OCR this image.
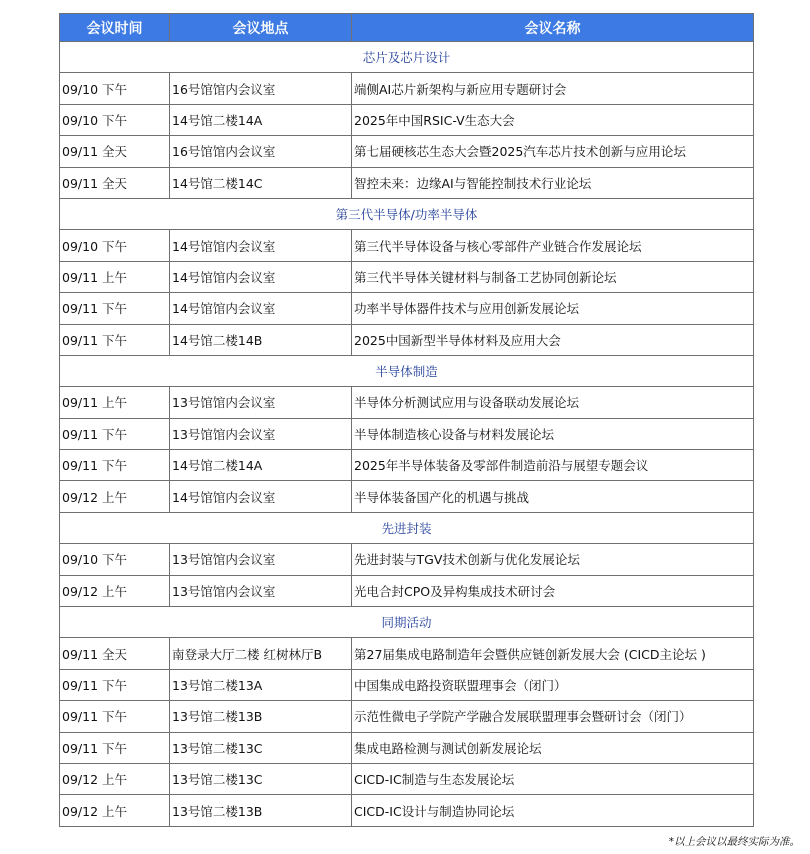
会议时间	会议地点	会议名称
芯片及芯片设计		
09/10 下午	16号馆馆内会议室	端侧AI芯片新架构与新应用专题研讨会
09/10 下午	14号馆二楼14A	2025年中国RSIC-V生态大会
09/11 全天	16号馆馆内会议室	第七届硬核芯生态大会暨2025汽车芯片技术创新与应用论坛
09/11 全天	14号馆二楼14C	智控未来：边缘AI与智能控制技术行业论坛
第三代半导体/功率半导体		
09/10 下午	14号馆馆内会议室	第三代半导体设备与核心零部件产业链合作发展论坛
09/11 上午	14号馆馆内会议室	第三代半导体关键材料与制备工艺协同创新论坛
09/11 下午	14号馆馆内会议室	功率半导体器件技术与应用创新发展论坛
09/11 下午	14号馆二楼14B	2025中国新型半导体材料及应用大会
半导体制造		
09/11 上午	13号馆馆内会议室	半导体分析测试应用与设备联动发展论坛
09/11 下午	13号馆馆内会议室	半导体制造核心设备与材料发展论坛
09/11 下午	14号馆二楼14A	2025年半导体装备及零部件制造前沿与展望专题会议
09/12 上午	14号馆馆内会议室	半导体装备国产化的机遇与挑战
先进封装		
09/10 下午	13号馆馆内会议室	先进封装与TGV技术创新与优化发展论坛
09/12 上午	13号馆馆内会议室	光电合封CPO及异构集成技术研讨会
同期活动		
09/11 全天	南登录大厅二楼 红树林厅B	第27届集成电路制造年会暨供应链创新发展大会 (CICD主论坛 )
09/11 下午	13号馆二楼13A	中国集成电路投资联盟理事会（闭门）
09/11 下午	13号馆二楼13B	示范性微电子学院产学融合发展联盟理事会暨研讨会（闭门）
09/11 下午	13号馆二楼13C	集成电路检测与测试创新发展论坛
09/12 上午	13号馆二楼13C	CICD-IC制造与生态发展论坛
09/12 上午	13号馆二楼13B	CICD-IC设计与制造协同论坛
*以上会议以最终实际为准。
